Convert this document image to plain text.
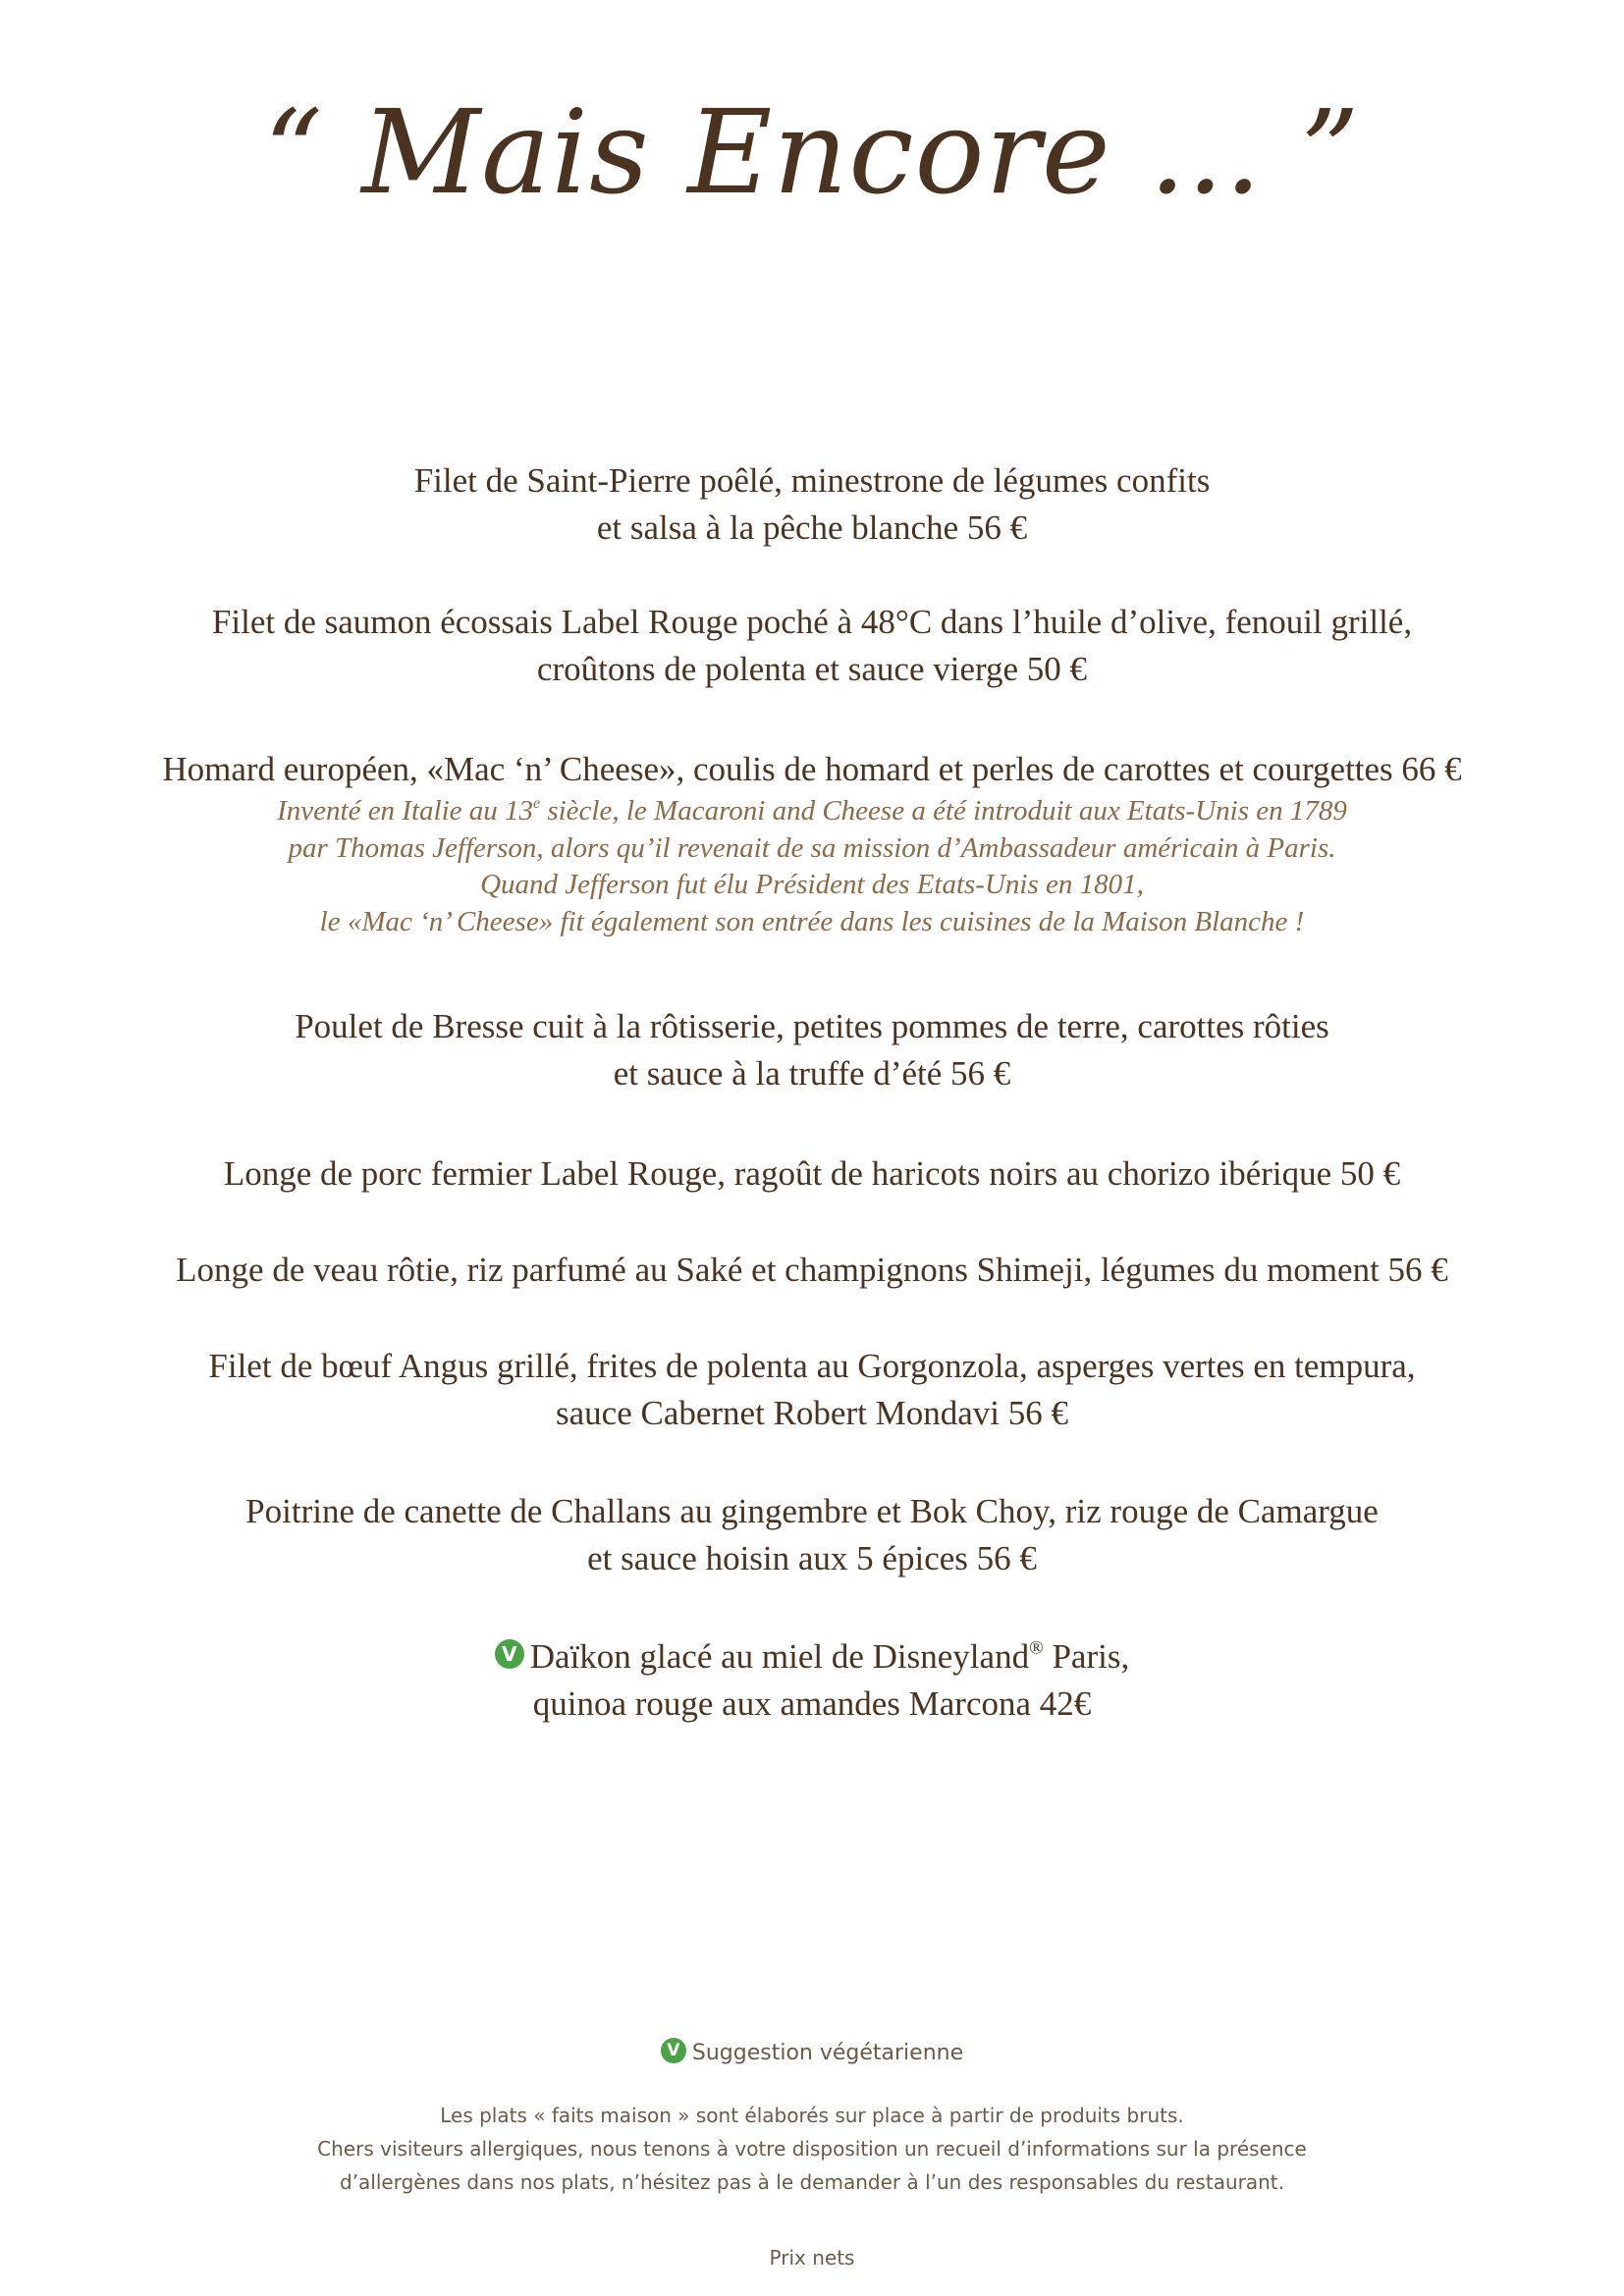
“ Mais Encore ... ”
Filet de Saint-Pierre poêlé, minestrone de légumes confits
et salsa à la pêche blanche 56 €
Filet de saumon écossais Label Rouge poché à 48°C dans l’huile d’olive, fenouil grillé,
croûtons de polenta et sauce vierge 50 €
Homard européen, «Mac ‘n’ Cheese», coulis de homard et perles de carottes et courgettes 66 €
Inventé en Italie au 13e siècle, le Macaroni and Cheese a été introduit aux Etats-Unis en 1789
par Thomas Jefferson, alors qu’il revenait de sa mission d’Ambassadeur américain à Paris.
Quand Jefferson fut élu Président des Etats-Unis en 1801,
le «Mac ‘n’ Cheese» fit également son entrée dans les cuisines de la Maison Blanche !
Poulet de Bresse cuit à la rôtisserie, petites pommes de terre, carottes rôties
et sauce à la truffe d’été 56 €
Longe de porc fermier Label Rouge, ragoût de haricots noirs au chorizo ibérique 50 €
Longe de veau rôtie, riz parfumé au Saké et champignons Shimeji, légumes du moment 56 €
Filet de bœuf Angus grillé, frites de polenta au Gorgonzola, asperges vertes en tempura,
sauce Cabernet Robert Mondavi 56 €
Poitrine de canette de Challans au gingembre et Bok Choy, riz rouge de Camargue
et sauce hoisin aux 5 épices 56 €
V Daïkon glacé au miel de Disneyland® Paris,
quinoa rouge aux amandes Marcona 42€
V Suggestion végétarienne
Les plats « faits maison » sont élaborés sur place à partir de produits bruts.
Chers visiteurs allergiques, nous tenons à votre disposition un recueil d’informations sur la présence
d’allergènes dans nos plats, n’hésitez pas à le demander à l’un des responsables du restaurant.
Prix nets
